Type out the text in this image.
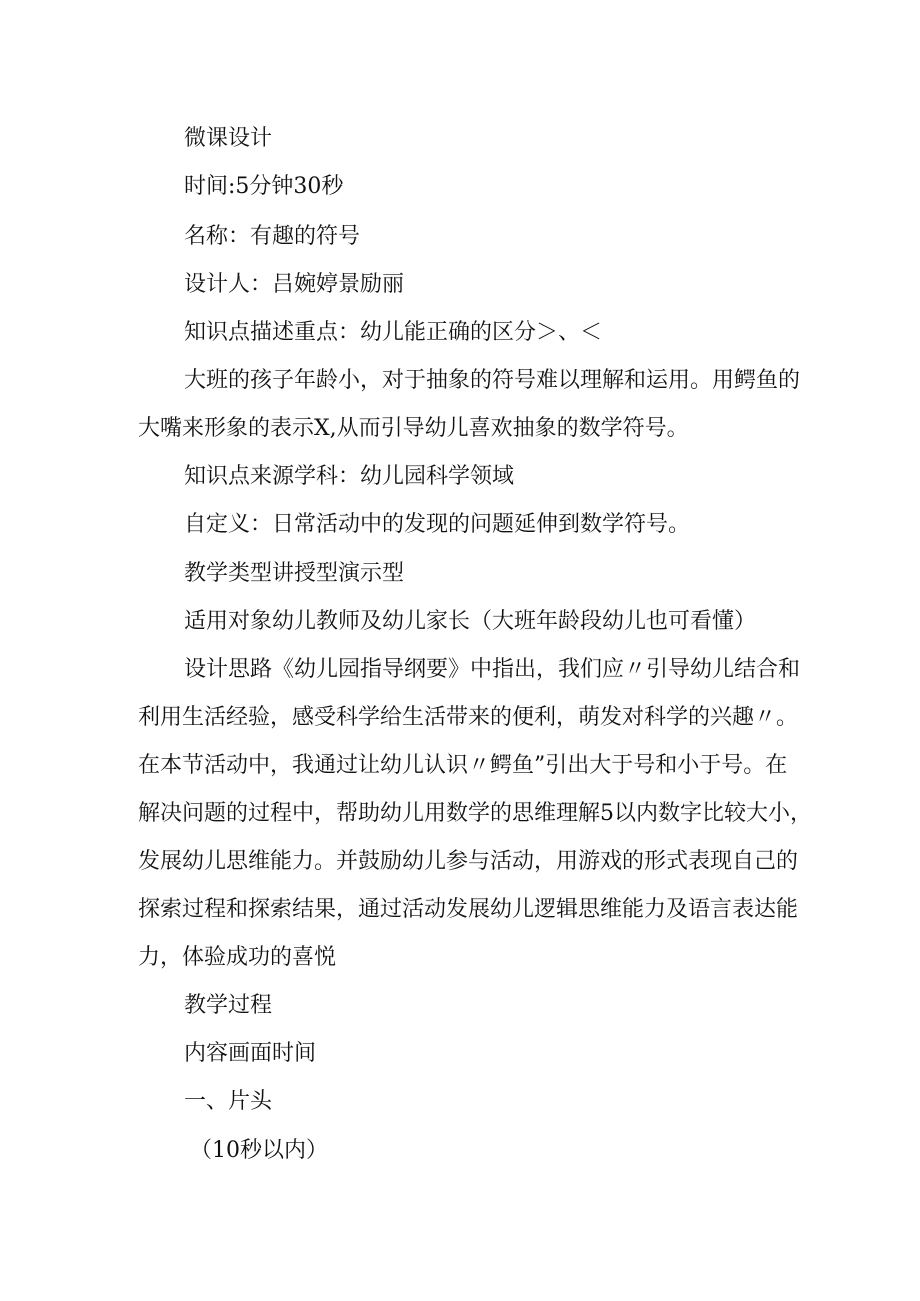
微课设计
时间:5分钟30秒
名称：有趣的符号
设计人：吕婉婷景励丽
知识点描述重点：幼儿能正确的区分＞、＜
大班的孩子年龄小，对于抽象的符号难以理解和运用。用鳄鱼的
大嘴来形象的表示X,从而引导幼儿喜欢抽象的数学符号。
知识点来源学科：幼儿园科学领域
自定义：日常活动中的发现的问题延伸到数学符号。
教学类型讲授型演示型
适用对象幼儿教师及幼儿家长（大班年龄段幼儿也可看懂）
设计思路《幼儿园指导纲要》中指出，我们应〃引导幼儿结合和
利用生活经验，感受科学给生活带来的便利，萌发对科学的兴趣〃。
在本节活动中，我通过让幼儿认识〃鳄鱼”引出大于号和小于号。在
解决问题的过程中，帮助幼儿用数学的思维理解5以内数字比较大小，
发展幼儿思维能力。并鼓励幼儿参与活动，用游戏的形式表现自己的
探索过程和探索结果，通过活动发展幼儿逻辑思维能力及语言表达能
力，体验成功的喜悦
教学过程
内容画面时间
一、片头
（10秒以内）
